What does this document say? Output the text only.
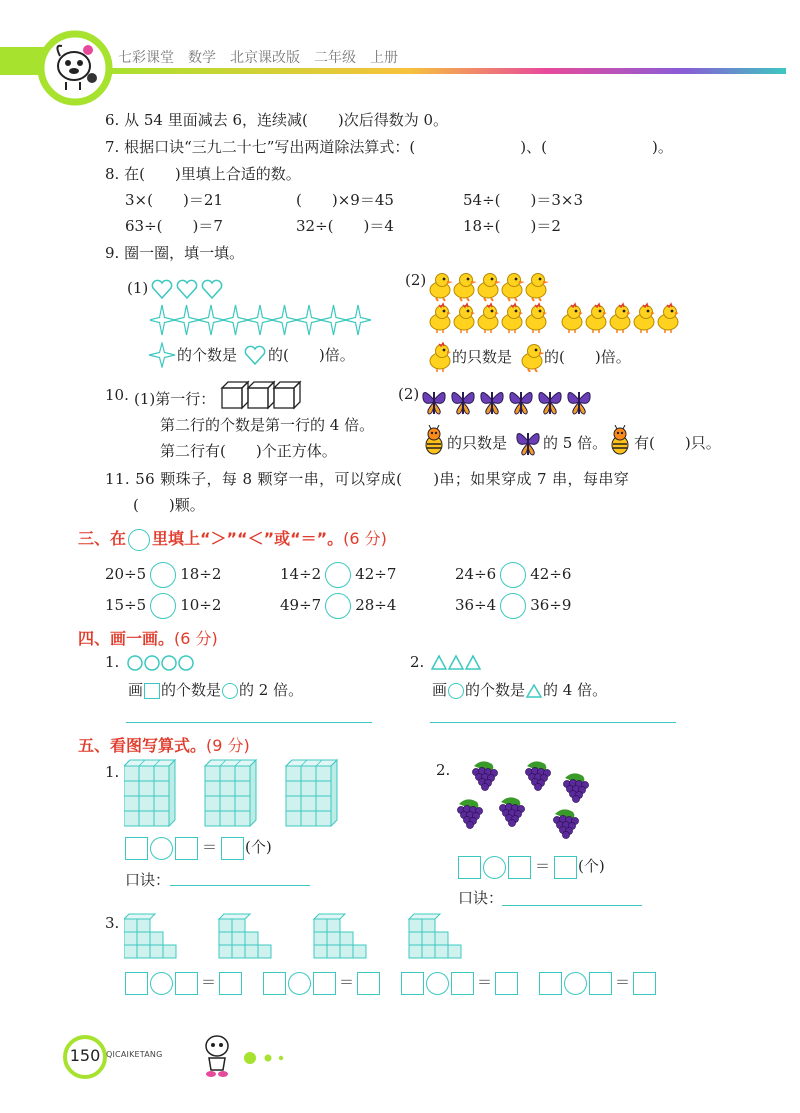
七彩课堂　数学　北京课改版　二年级　上册
6. 从 54 里面减去 6，连续减(　　)次后得数为 0。
7. 根据口诀“三九二十七”写出两道除法算式：(　　　　　　　)、(　　　　　　　)。
8. 在(　　)里填上合适的数。
3×(　　)＝21	(　　)×9＝45	54÷(　　)＝3×3
63÷(　　)＝7	32÷(　　)＝4	18÷(　　)＝2
9. 圈一圈，填一填。
(1)
的个数是 的(　　)倍。
(2)
的只数是 的(　　)倍。
10. (1)第一行：
第二行的个数是第一行的 4 倍。
第二行有(　　)个正方体。
(2)
的只数是 的 5 倍。 有(　　)只。
11. 56 颗珠子，每 8 颗穿一串，可以穿成(　　)串；如果穿成 7 串，每串穿
(　　)颗。
三、在 里填上“＞”“＜”或“＝”。(6 分)
20÷5 18÷2	14÷2 42÷7	24÷6 42÷6
15÷5 10÷2	49÷7 28÷4	36÷4 36÷9
四、画一画。(6 分)
1.
画 的个数是 的 2 倍。
2.
画 的个数是 的 4 倍。
五、看图写算式。(9 分)
1.
＝ (个)
口诀：
2.
＝ (个)
口诀：
3.
＝	＝	＝	＝
150 QICAIKETANG
